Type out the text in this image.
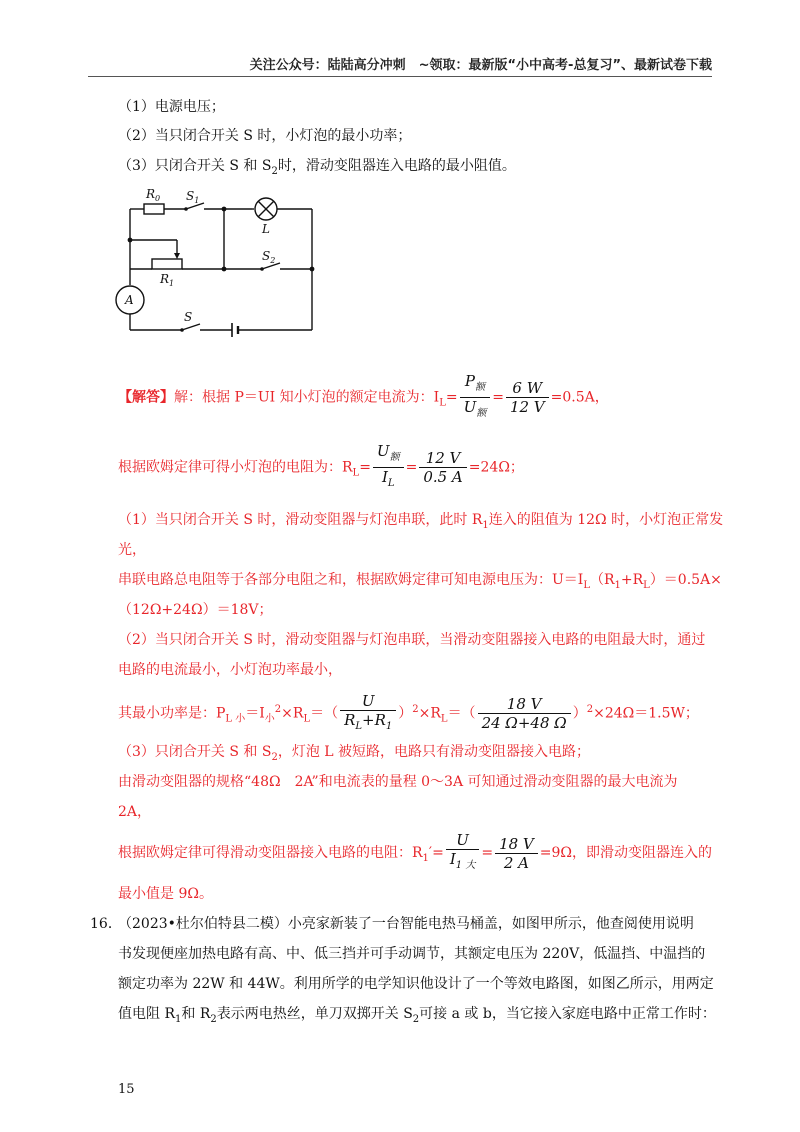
关注公众号：陆陆高分冲刺　~领取：最新版“小中高考-总复习”、最新试卷下载
（1）电源电压；
（2）当只闭合开关 S 时，小灯泡的最小功率；
（3）只闭合开关 S 和 $S_2$时，滑动变阻器连入电路的最小阻值。
$R_0$ $S_1$
L
$R_1$
$S_2$
A
S
【解答】解：根据 P＝UI 知小灯泡的额定电流为：$I_L= \frac{P_额}{U_额} = \frac{6 W}{12 V} =0.5A$，
根据欧姆定律可得小灯泡的电阻为：$R_L= \frac{U_额}{I_L} = \frac{12 V}{0.5 A} =24\Omega$；
（1）当只闭合开关 S 时，滑动变阻器与灯泡串联，此时 $R_1$连入的阻值为 12Ω 时，小灯泡正常发
光，
串联电路总电阻等于各部分电阻之和，根据欧姆定律可知电源电压为：$U=I_L(R_1+R_L)=0.5A\times$
（12Ω+24Ω）＝18V；
（2）当只闭合开关 S 时，滑动变阻器与灯泡串联，当滑动变阻器接入电路的电阻最大时，通过
电路的电流最小，小灯泡功率最小，
其最小功率是：$P_{L 小}=I_小^2\times R_L=( \frac{U}{R_L+R_1} )^2\times R_L=( \frac{18 V}{24 \Omega+48 \Omega} )^2\times 24\Omega=1.5W$；
（3）只闭合开关 S 和 $S_2$，灯泡 L 被短路，电路只有滑动变阻器接入电路；
由滑动变阻器的规格“48Ω　2A”和电流表的量程 0～3A 可知通过滑动变阻器的最大电流为
2A，
根据欧姆定律可得滑动变阻器接入电路的电阻：$R_1'= \frac{U}{I_{1 大}} = \frac{18 V}{2 A} =9\Omega$，即滑动变阻器连入的
最小值是 9Ω。
16．
（2023•杜尔伯特县二模）小亮家新装了一台智能电热马桶盖，如图甲所示，他查阅使用说明
书发现便座加热电路有高、中、低三挡并可手动调节，其额定电压为 220V，低温挡、中温挡的
额定功率为 22W 和 44W。利用所学的电学知识他设计了一个等效电路图，如图乙所示，用两定
值电阻 $R_1$和 $R_2$表示两电热丝，单刀双掷开关 $S_2$可接 a 或 b，当它接入家庭电路中正常工作时：
15
